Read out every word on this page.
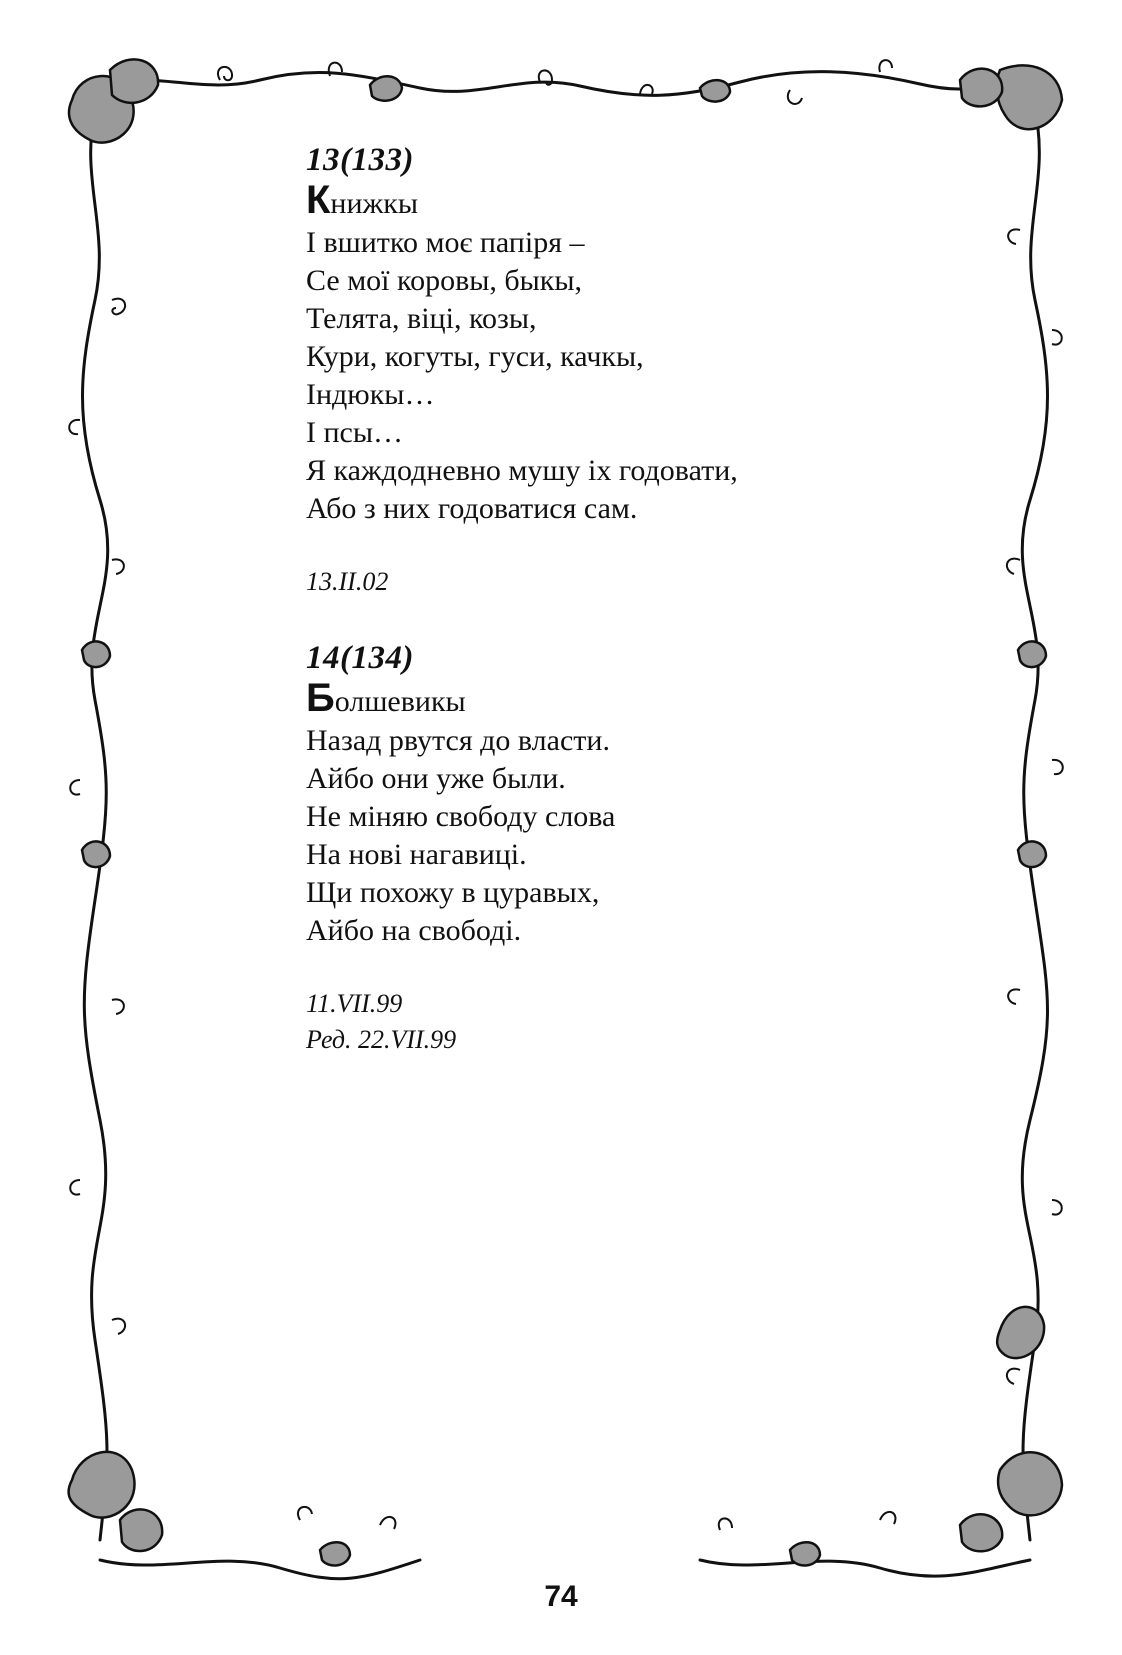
13(133)

Книжкы

І вшитко моє папіря –
Се мої коровы, быкы,
Телята, віці, козы,
Кури, когуты, гуси, качкы,
Індюкы…
І псы…
Я каждодневно мушу іх годовати,
Або з них годоватися сам.

13.ІІ.02

14(134)

Болшевикы

Назад рвутся до власти.
Айбо они уже были.
Не міняю свободу слова
На нові нагавиці.
Щи похожу в цуравых,
Айбо на свободі.

11.VII.99

Ред. 22.VII.99

74
